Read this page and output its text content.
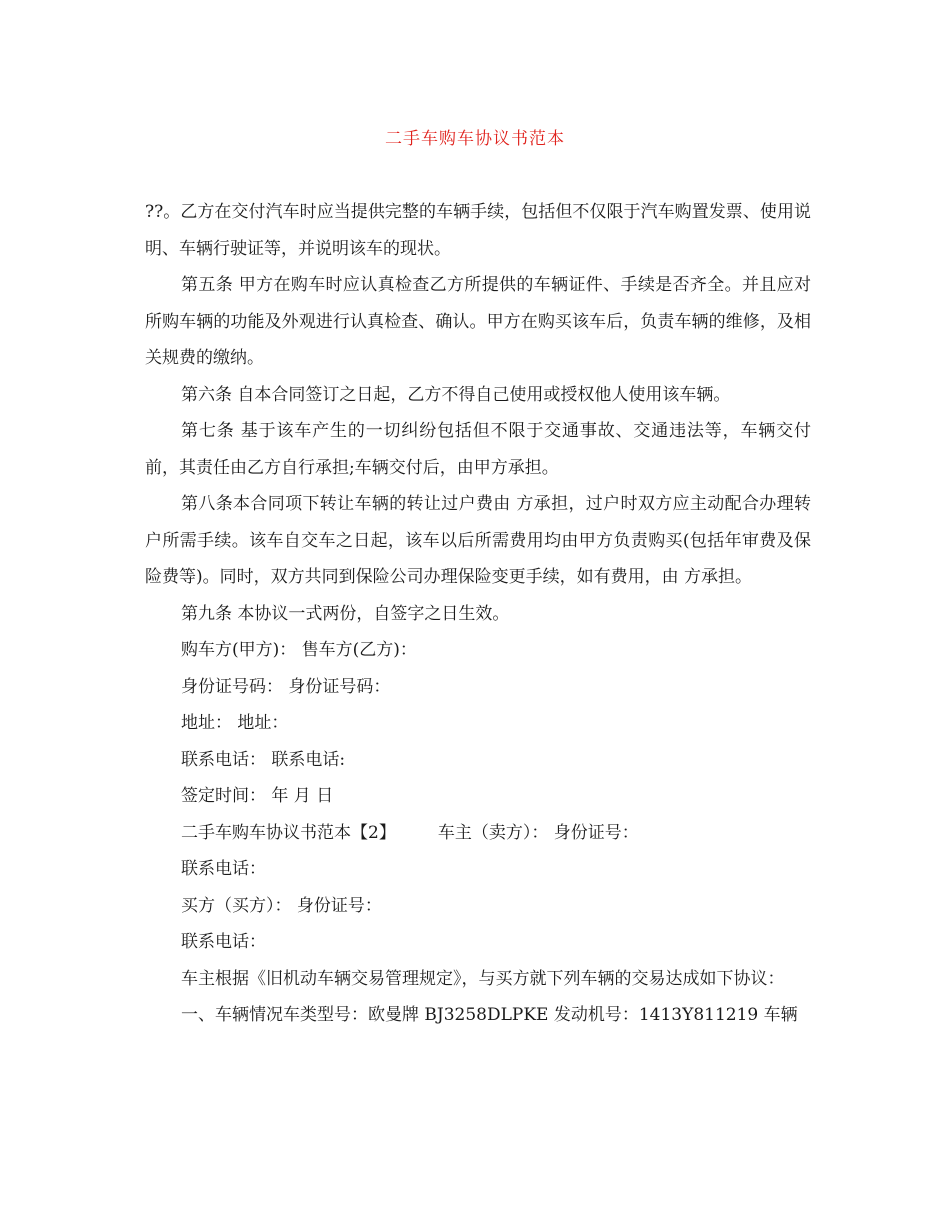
二手车购车协议书范本

??。乙方在交付汽车时应当提供完整的车辆手续，包括但不仅限于汽车购置发票、使用说明、车辆行驶证等，并说明该车的现状。

第五条 甲方在购车时应认真检查乙方所提供的车辆证件、手续是否齐全。并且应对所购车辆的功能及外观进行认真检查、确认。甲方在购买该车后，负责车辆的维修，及相关规费的缴纳。

第六条 自本合同签订之日起，乙方不得自己使用或授权他人使用该车辆。

第七条 基于该车产生的一切纠纷包括但不限于交通事故、交通违法等，车辆交付前，其责任由乙方自行承担;车辆交付后，由甲方承担。

第八条本合同项下转让车辆的转让过户费由 方承担，过户时双方应主动配合办理转户所需手续。该车自交车之日起，该车以后所需费用均由甲方负责购买(包括年审费及保险费等)。同时，双方共同到保险公司办理保险变更手续，如有费用，由 方承担。

第九条 本协议一式两份，自签字之日生效。

购车方(甲方)： 售车方(乙方)：

身份证号码： 身份证号码：

地址： 地址：

联系电话： 联系电话:

签定时间： 年 月 日

二手车购车协议书范本【2】 车主（卖方）： 身份证号：

联系电话：

买方（买方）： 身份证号：

联系电话：

车主根据《旧机动车辆交易管理规定》，与买方就下列车辆的交易达成如下协议：

一、车辆情况车类型号：欧曼牌 BJ3258DLPKE 发动机号：1413Y811219 车辆
